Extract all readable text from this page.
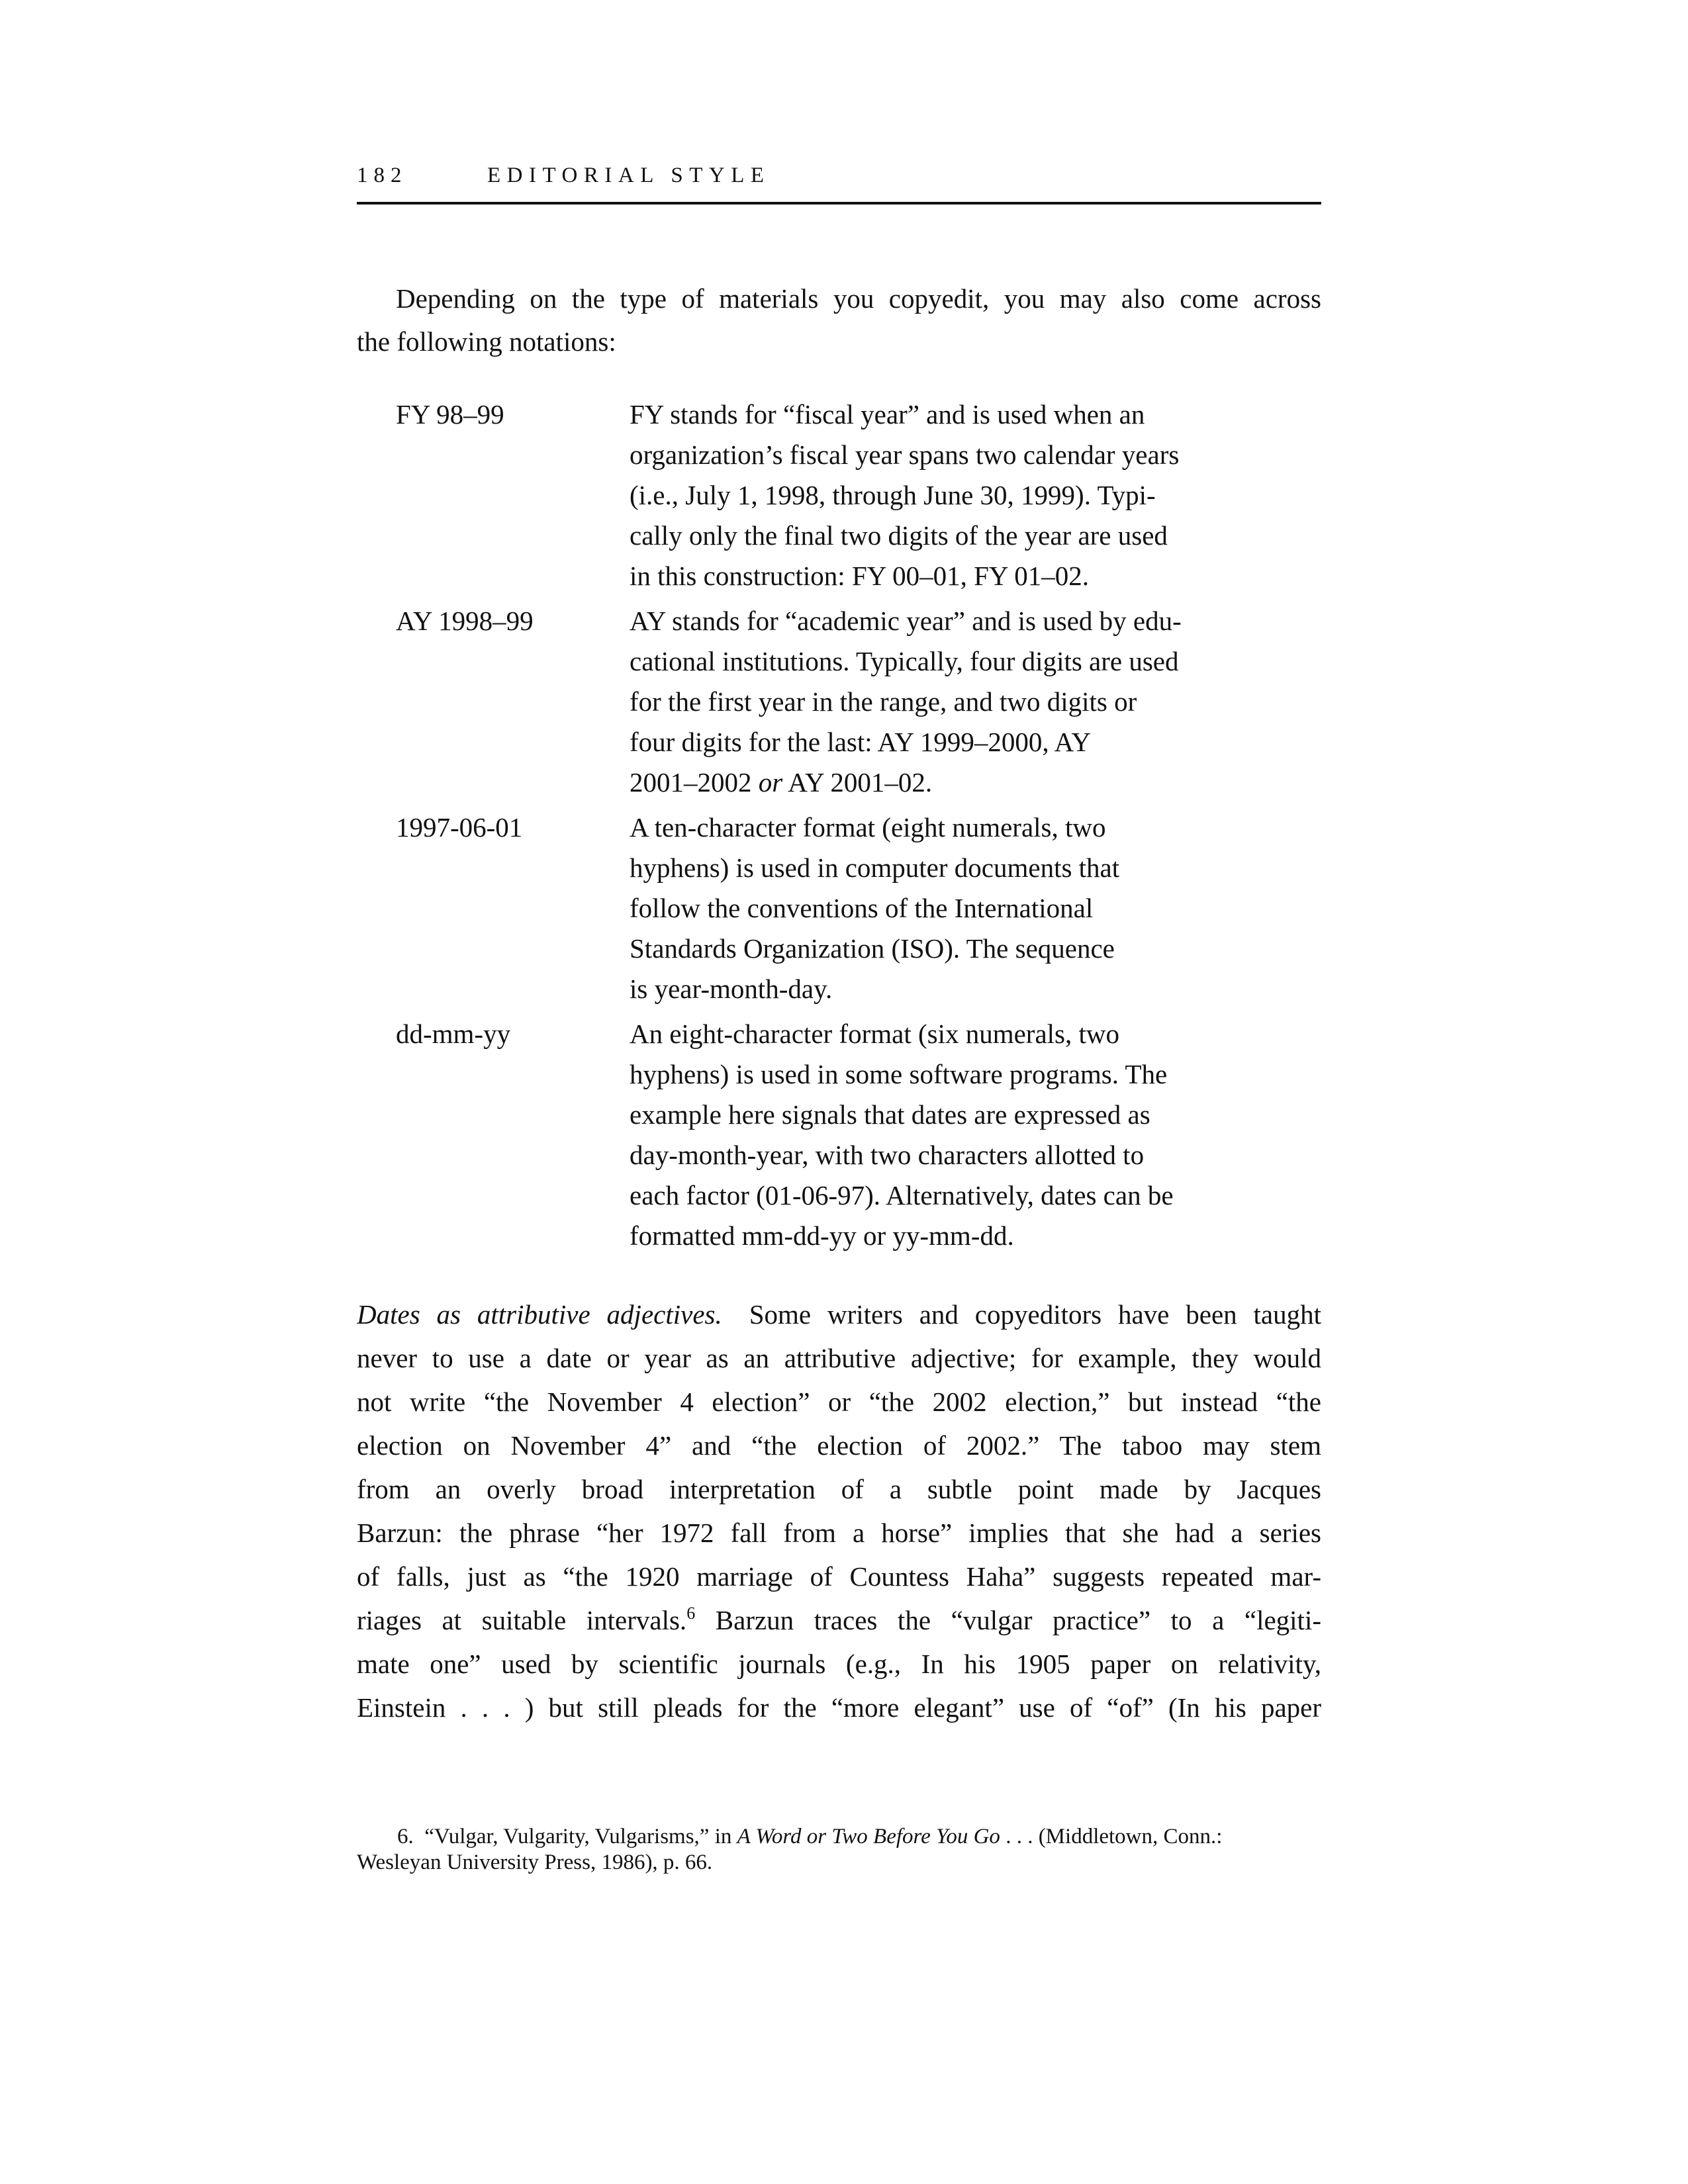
182	EDITORIAL STYLE
Depending on the type of materials you copyedit, you may also come across
the following notations:
FY 98–99	FY stands for “fiscal year” and is used when an
organization’s fiscal year spans two calendar years
(i.e., July 1, 1998, through June 30, 1999). Typi-
cally only the final two digits of the year are used
in this construction: FY 00–01, FY 01–02.
AY 1998–99	AY stands for “academic year” and is used by edu-
cational institutions. Typically, four digits are used
for the first year in the range, and two digits or
four digits for the last: AY 1999–2000, AY
2001–2002 or AY 2001–02.
1997-06-01	A ten-character format (eight numerals, two
hyphens) is used in computer documents that
follow the conventions of the International
Standards Organization (ISO). The sequence
is year-month-day.
dd-mm-yy	An eight-character format (six numerals, two
hyphens) is used in some software programs. The
example here signals that dates are expressed as
day-month-year, with two characters allotted to
each factor (01-06-97). Alternatively, dates can be
formatted mm-dd-yy or yy-mm-dd.
Dates as attributive adjectives.  Some writers and copyeditors have been taught
never to use a date or year as an attributive adjective; for example, they would
not write “the November 4 election” or “the 2002 election,” but instead “the
election on November 4” and “the election of 2002.” The taboo may stem
from an overly broad interpretation of a subtle point made by Jacques
Barzun: the phrase “her 1972 fall from a horse” implies that she had a series
of falls, just as “the 1920 marriage of Countess Haha” suggests repeated mar-
riages at suitable intervals.$^6$ Barzun traces the “vulgar practice” to a “legiti-
mate one” used by scientific journals (e.g., In his 1905 paper on relativity,
Einstein . . . ) but still pleads for the “more elegant” use of “of” (In his paper
6.  “Vulgar, Vulgarity, Vulgarisms,” in A Word or Two Before You Go . . . (Middletown, Conn.:
Wesleyan University Press, 1986), p. 66.
